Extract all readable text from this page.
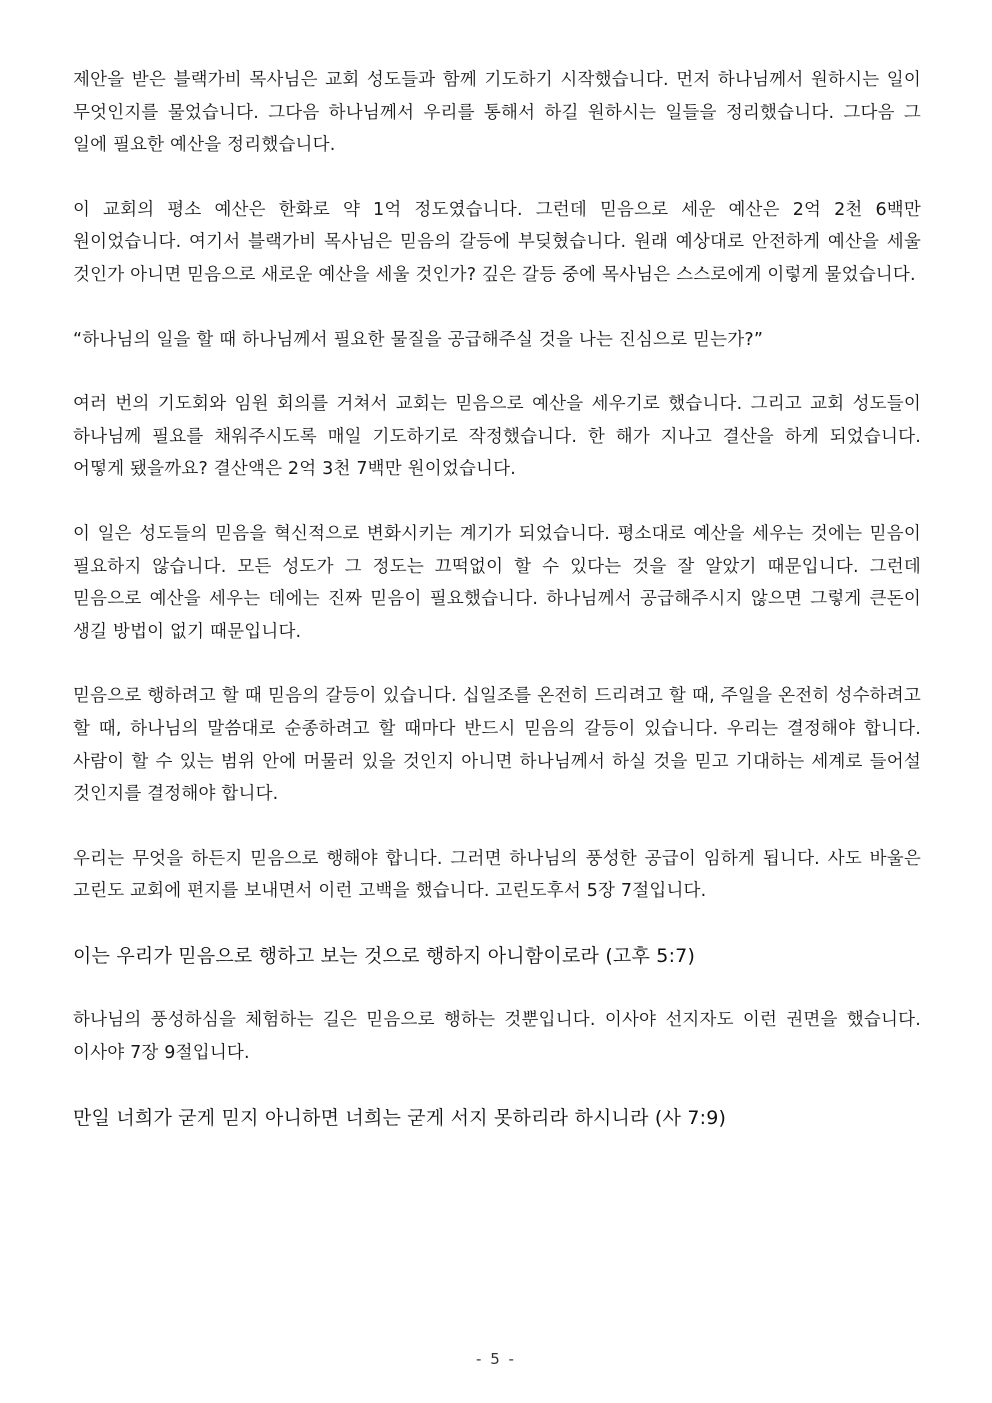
제안을 받은 블랙가비 목사님은 교회 성도들과 함께 기도하기 시작했습니다. 먼저 하나님께서 원하시는 일이 무엇인지를 물었습니다. 그다음 하나님께서 우리를 통해서 하길 원하시는 일들을 정리했습니다. 그다음 그 일에 필요한 예산을 정리했습니다.

이 교회의 평소 예산은 한화로 약 1억 정도였습니다. 그런데 믿음으로 세운 예산은 2억 2천 6백만 원이었습니다. 여기서 블랙가비 목사님은 믿음의 갈등에 부딪혔습니다. 원래 예상대로 안전하게 예산을 세울 것인가 아니면 믿음으로 새로운 예산을 세울 것인가? 깊은 갈등 중에 목사님은 스스로에게 이렇게 물었습니다.

“하나님의 일을 할 때 하나님께서 필요한 물질을 공급해주실 것을 나는 진심으로 믿는가?”

여러 번의 기도회와 임원 회의를 거쳐서 교회는 믿음으로 예산을 세우기로 했습니다. 그리고 교회 성도들이 하나님께 필요를 채워주시도록 매일 기도하기로 작정했습니다. 한 해가 지나고 결산을 하게 되었습니다. 어떻게 됐을까요? 결산액은 2억 3천 7백만 원이었습니다.

이 일은 성도들의 믿음을 혁신적으로 변화시키는 계기가 되었습니다. 평소대로 예산을 세우는 것에는 믿음이 필요하지 않습니다. 모든 성도가 그 정도는 끄떡없이 할 수 있다는 것을 잘 알았기 때문입니다. 그런데 믿음으로 예산을 세우는 데에는 진짜 믿음이 필요했습니다. 하나님께서 공급해주시지 않으면 그렇게 큰돈이 생길 방법이 없기 때문입니다.

믿음으로 행하려고 할 때 믿음의 갈등이 있습니다. 십일조를 온전히 드리려고 할 때, 주일을 온전히 성수하려고 할 때, 하나님의 말씀대로 순종하려고 할 때마다 반드시 믿음의 갈등이 있습니다. 우리는 결정해야 합니다. 사람이 할 수 있는 범위 안에 머물러 있을 것인지 아니면 하나님께서 하실 것을 믿고 기대하는 세계로 들어설 것인지를 결정해야 합니다.

우리는 무엇을 하든지 믿음으로 행해야 합니다. 그러면 하나님의 풍성한 공급이 임하게 됩니다. 사도 바울은 고린도 교회에 편지를 보내면서 이런 고백을 했습니다. 고린도후서 5장 7절입니다.

이는 우리가 믿음으로 행하고 보는 것으로 행하지 아니함이로라 (고후 5:7)

하나님의 풍성하심을 체험하는 길은 믿음으로 행하는 것뿐입니다. 이사야 선지자도 이런 권면을 했습니다. 이사야 7장 9절입니다.

만일 너희가 굳게 믿지 아니하면 너희는 굳게 서지 못하리라 하시니라 (사 7:9)

- 5 -
